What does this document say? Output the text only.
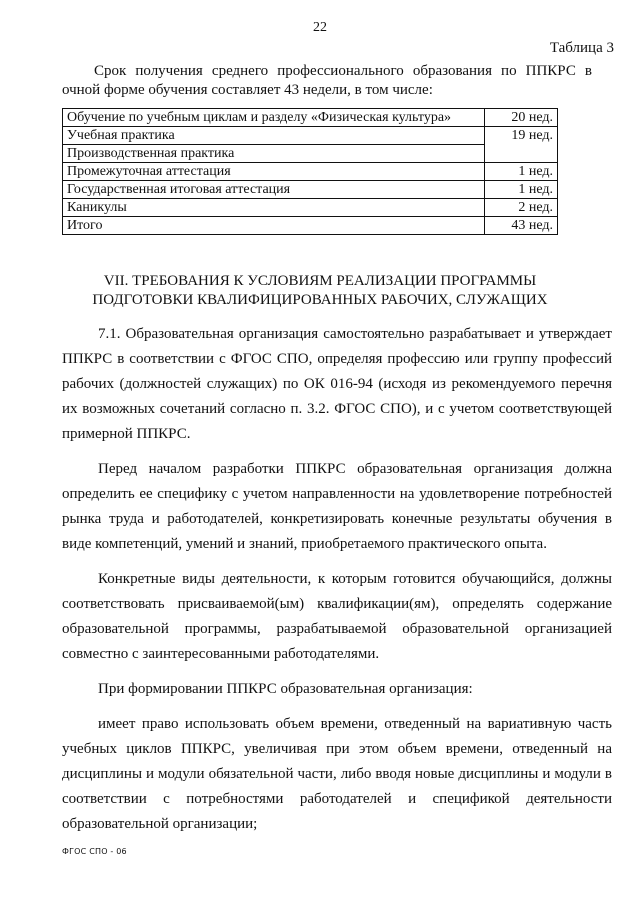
22
Таблица 3
Срок получения среднего профессионального образования по ППКРС в очной форме обучения составляет 43 недели, в том числе:
Обучение по учебным циклам и разделу «Физическая культура»	20 нед.
Учебная практика	19 нед.
Производственная практика	
Промежуточная аттестация	1 нед.
Государственная итоговая аттестация	1 нед.
Каникулы	2 нед.
Итого	43 нед.
VII. ТРЕБОВАНИЯ К УСЛОВИЯМ РЕАЛИЗАЦИИ ПРОГРАММЫ
ПОДГОТОВКИ КВАЛИФИЦИРОВАННЫХ РАБОЧИХ, СЛУЖАЩИХ

7.1. Образовательная организация самостоятельно разрабатывает и утверждает ППКРС в соответствии с ФГОС СПО, определяя профессию или группу профессий рабочих (должностей служащих) по ОК 016-94 (исходя из рекомендуемого перечня их возможных сочетаний согласно п. 3.2. ФГОС СПО), и с учетом соответствующей примерной ППКРС.

Перед началом разработки ППКРС образовательная организация должна определить ее специфику с учетом направленности на удовлетворение потребностей рынка труда и работодателей, конкретизировать конечные результаты обучения в виде компетенций, умений и знаний, приобретаемого практического опыта.

Конкретные виды деятельности, к которым готовится обучающийся, должны соответствовать присваиваемой(ым) квалификации(ям), определять содержание образовательной программы, разрабатываемой образовательной организацией совместно с заинтересованными работодателями.

При формировании ППКРС образовательная организация:

имеет право использовать объем времени, отведенный на вариативную часть учебных циклов ППКРС, увеличивая при этом объем времени, отведенный на дисциплины и модули обязательной части, либо вводя новые дисциплины и модули в соответствии с потребностями работодателей и спецификой деятельности образовательной организации;

ФГОС СПО - 06
